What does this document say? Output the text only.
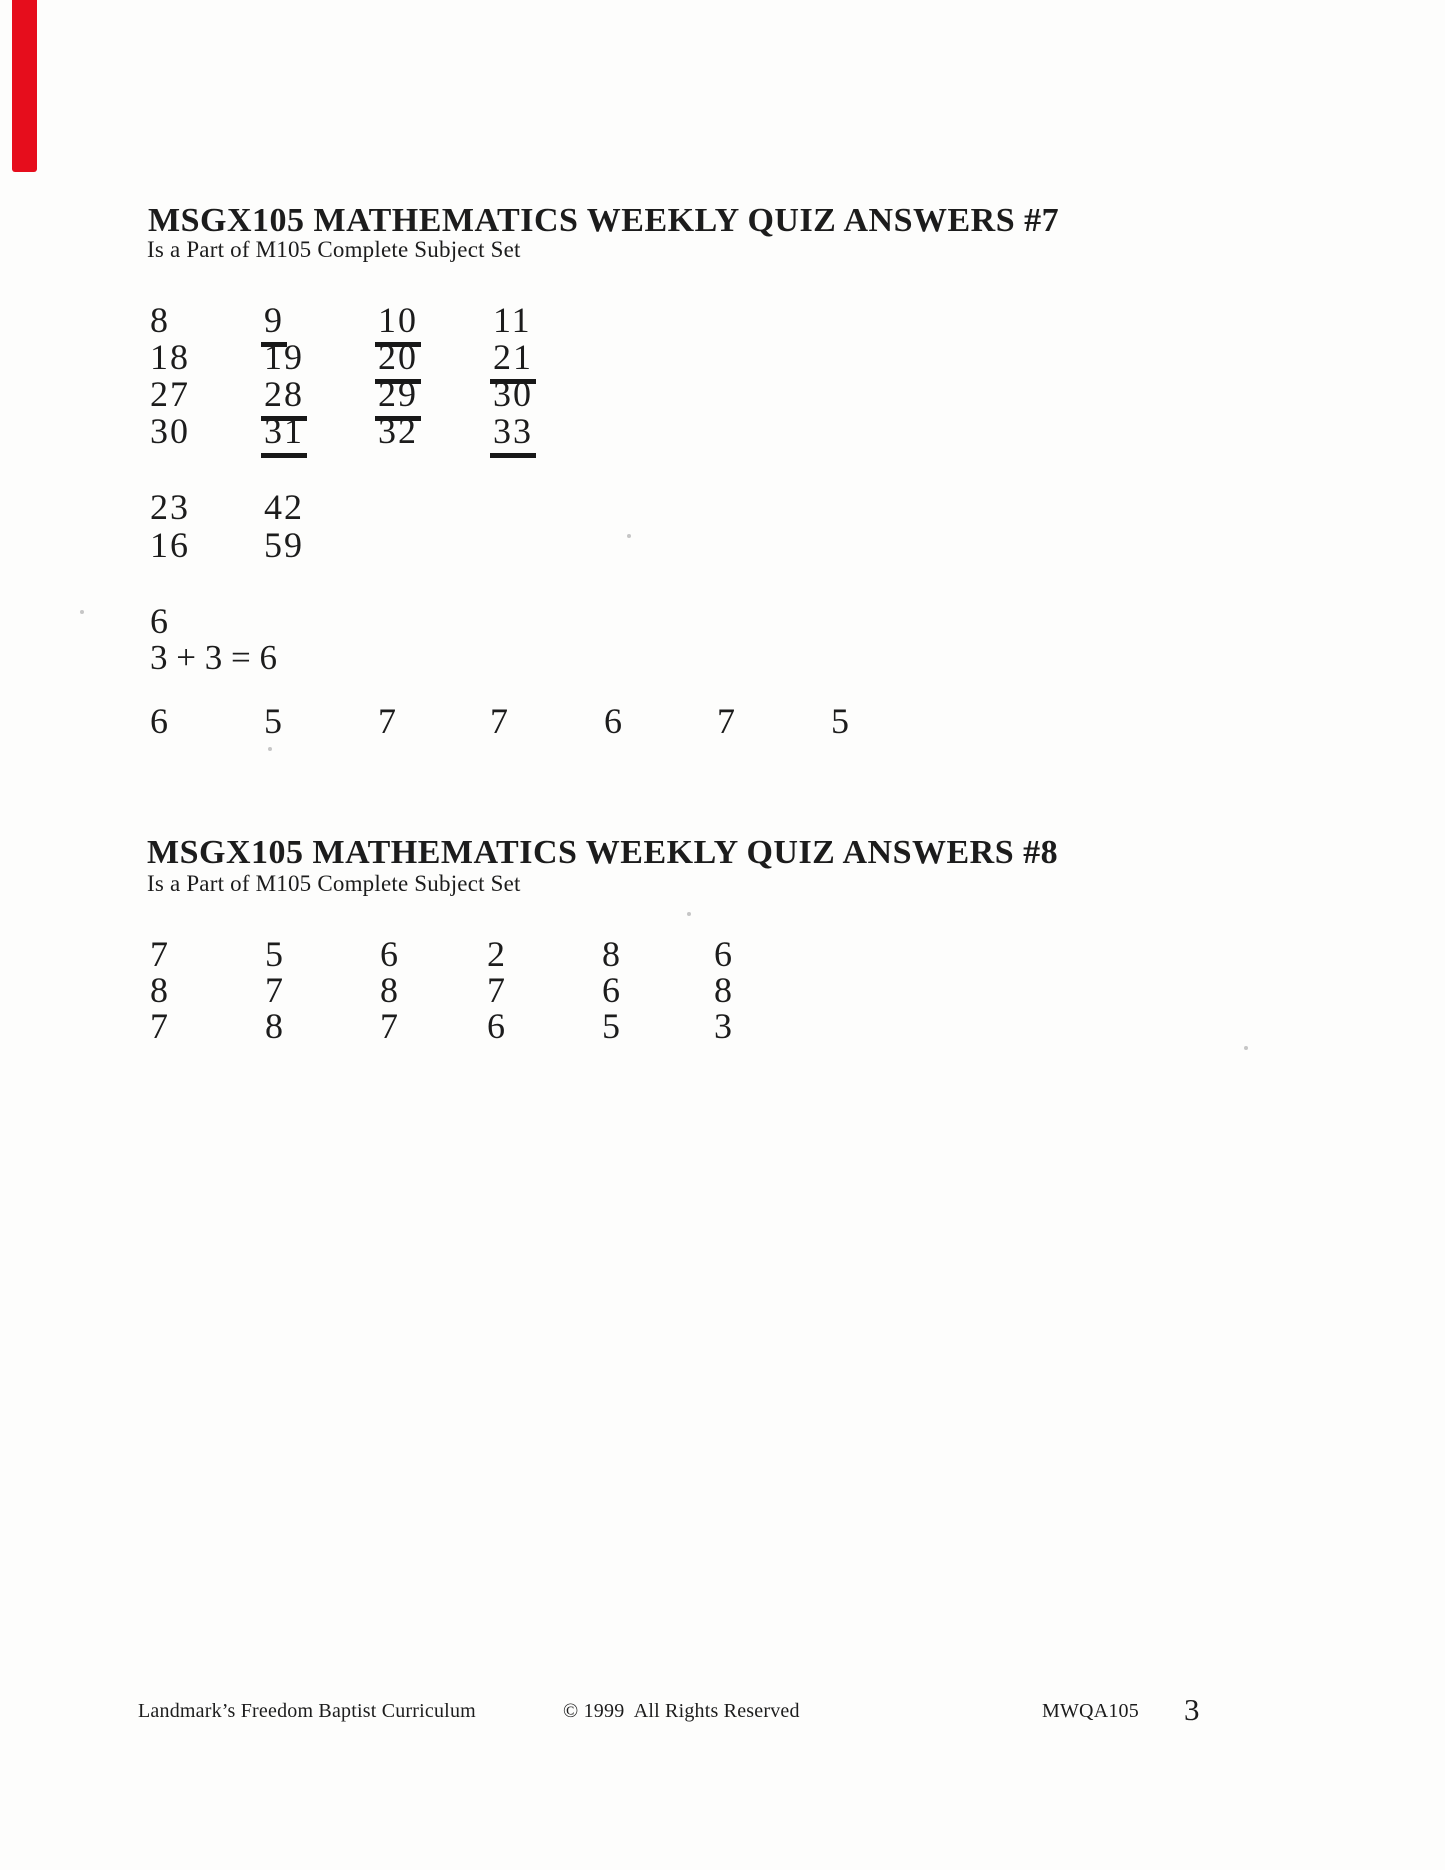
MSGX105 MATHEMATICS WEEKLY QUIZ ANSWERS #7
Is a Part of M105 Complete Subject Set
8	9	10 11
18 19 20 21
27 28 29 30
30 31 32 33
23 42
16 59
6
3 + 3 = 6
6	5	7	7	6	7	5
MSGX105 MATHEMATICS WEEKLY QUIZ ANSWERS #8
Is a Part of M105 Complete Subject Set
7	5	6 2	8	6
8	7	8 7	6	8
7	8	7 6	5	3
Landmark’s Freedom Baptist Curriculum	© 1999  All Rights Reserved	MWQA105 3
